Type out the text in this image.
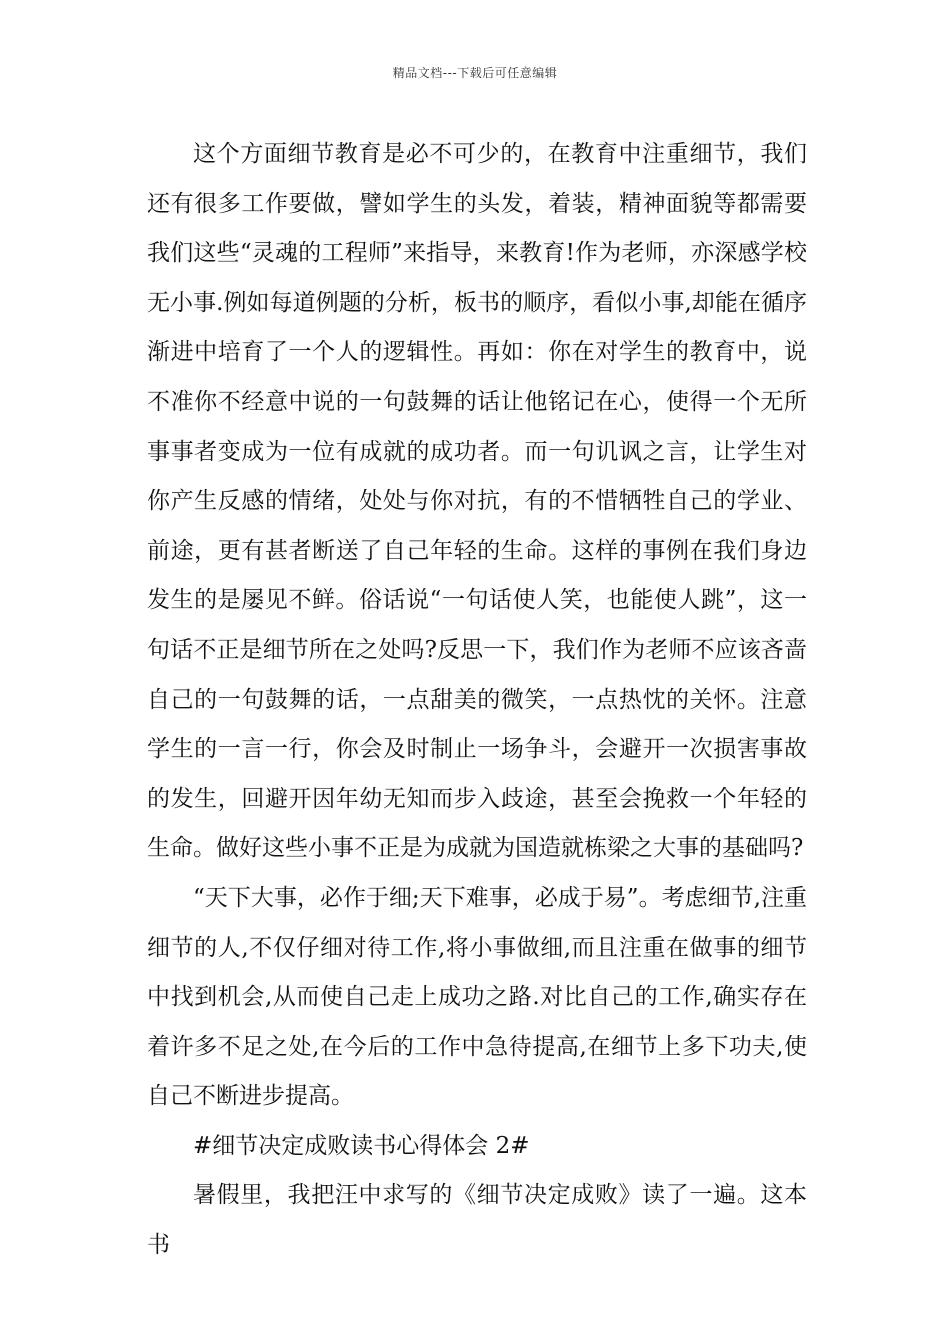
精品文档---下载后可任意编辑

这个方面细节教育是必不可少的，在教育中注重细节，我们还有很多工作要做，譬如学生的头发，着装，精神面貌等都需要我们这些“灵魂的工程师”来指导，来教育!作为老师，亦深感学校无小事.例如每道例题的分析，板书的顺序，看似小事,却能在循序渐进中培育了一个人的逻辑性。再如：你在对学生的教育中，说不准你不经意中说的一句鼓舞的话让他铭记在心，使得一个无所事事者变成为一位有成就的成功者。而一句讥讽之言，让学生对你产生反感的情绪，处处与你对抗，有的不惜牺牲自己的学业、前途，更有甚者断送了自己年轻的生命。这样的事例在我们身边发生的是屡见不鲜。俗话说“一句话使人笑，也能使人跳”，这一句话不正是细节所在之处吗?反思一下，我们作为老师不应该吝啬自己的一句鼓舞的话，一点甜美的微笑，一点热忱的关怀。注意学生的一言一行，你会及时制止一场争斗，会避开一次损害事故的发生，回避开因年幼无知而步入歧途，甚至会挽救一个年轻的生命。做好这些小事不正是为成就为国造就栋梁之大事的基础吗?

“天下大事，必作于细;天下难事，必成于易”。考虑细节,注重细节的人,不仅仔细对待工作,将小事做细,而且注重在做事的细节中找到机会,从而使自己走上成功之路.对比自己的工作,确实存在着许多不足之处,在今后的工作中急待提高,在细节上多下功夫,使自己不断进步提高。

#细节决定成败读书心得体会 2#

暑假里，我把汪中求写的《细节决定成败》读了一遍。这本书
